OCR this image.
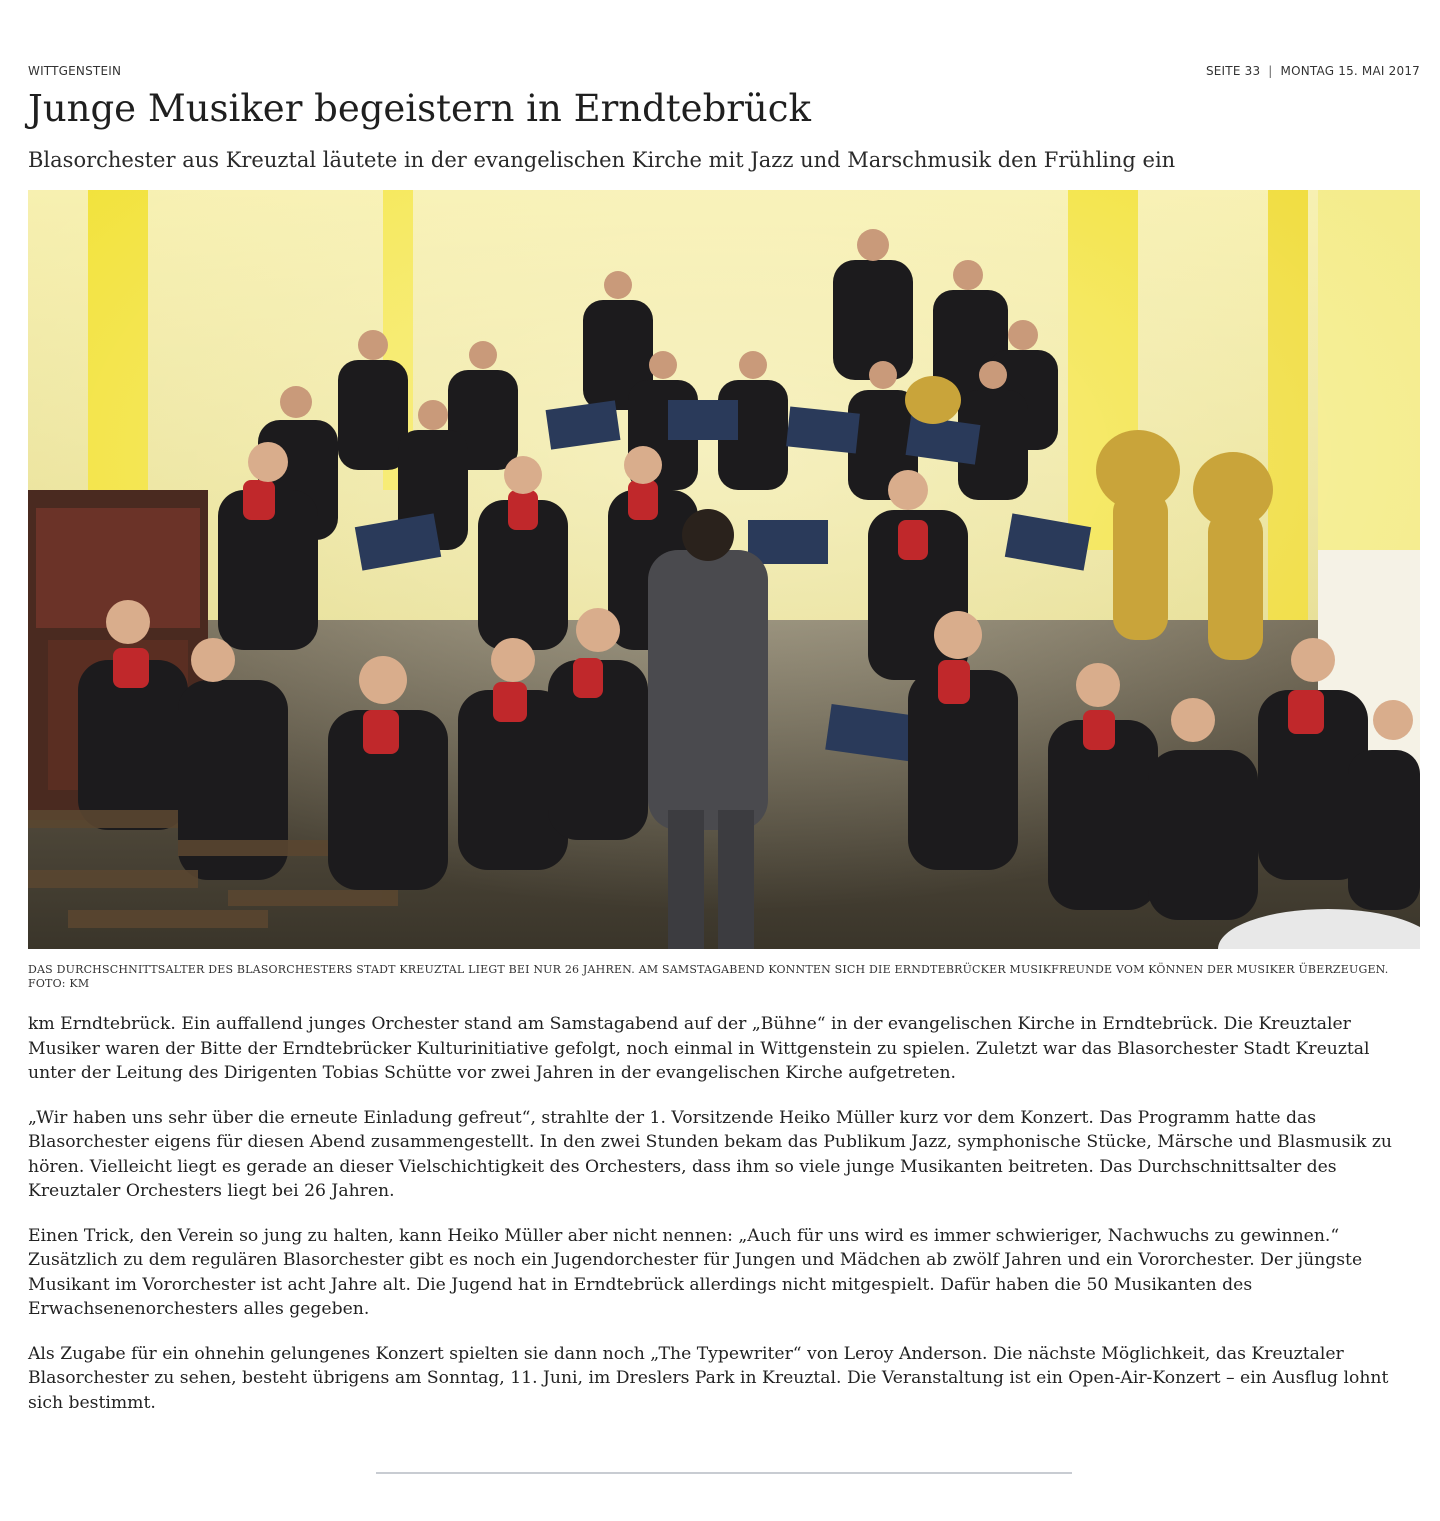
WITTGENSTEIN	SEITE 33 | MONTAG 15. MAI 2017
Junge Musiker begeistern in Erndtebrück
Blasorchester aus Kreuztal läutete in der evangelischen Kirche mit Jazz und Marschmusik den Frühling ein
DAS DURCHSCHNITTSALTER DES BLASORCHESTERS STADT KREUZTAL LIEGT BEI NUR 26 JAHREN. AM SAMSTAGABEND KONNTEN SICH DIE ERNDTEBRÜCKER MUSIKFREUNDE VOM KÖNNEN DER MUSIKER ÜBERZEUGEN.
FOTO: KM

km Erndtebrück. Ein auffallend junges Orchester stand am Samstagabend auf der „Bühne“ in der evangelischen Kirche in Erndtebrück. Die Kreuztaler Musiker waren der Bitte der Erndtebrücker Kulturinitiative gefolgt, noch einmal in Wittgenstein zu spielen. Zuletzt war das Blasorchester Stadt Kreuztal unter der Leitung des Dirigenten Tobias Schütte vor zwei Jahren in der evangelischen Kirche aufgetreten.

„Wir haben uns sehr über die erneute Einladung gefreut“, strahlte der 1. Vorsitzende Heiko Müller kurz vor dem Konzert. Das Programm hatte das Blasorchester eigens für diesen Abend zusammengestellt. In den zwei Stunden bekam das Publikum Jazz, symphonische Stücke, Märsche und Blasmusik zu hören. Vielleicht liegt es gerade an dieser Vielschichtigkeit des Orchesters, dass ihm so viele junge Musikanten beitreten. Das Durchschnittsalter des Kreuztaler Orchesters liegt bei 26 Jahren.

Einen Trick, den Verein so jung zu halten, kann Heiko Müller aber nicht nennen: „Auch für uns wird es immer schwieriger, Nachwuchs zu gewinnen.“ Zusätzlich zu dem regulären Blasorchester gibt es noch ein Jugendorchester für Jungen und Mädchen ab zwölf Jahren und ein Vororchester. Der jüngste Musikant im Vororchester ist acht Jahre alt. Die Jugend hat in Erndtebrück allerdings nicht mitgespielt. Dafür haben die 50 Musikanten des Erwachsenenorchesters alles gegeben.

Als Zugabe für ein ohnehin gelungenes Konzert spielten sie dann noch „The Typewriter“ von Leroy Anderson. Die nächste Möglichkeit, das Kreuztaler Blasorchester zu sehen, besteht übrigens am Sonntag, 11. Juni, im Dreslers Park in Kreuztal. Die Veranstaltung ist ein Open-Air-Konzert – ein Ausflug lohnt sich bestimmt.
